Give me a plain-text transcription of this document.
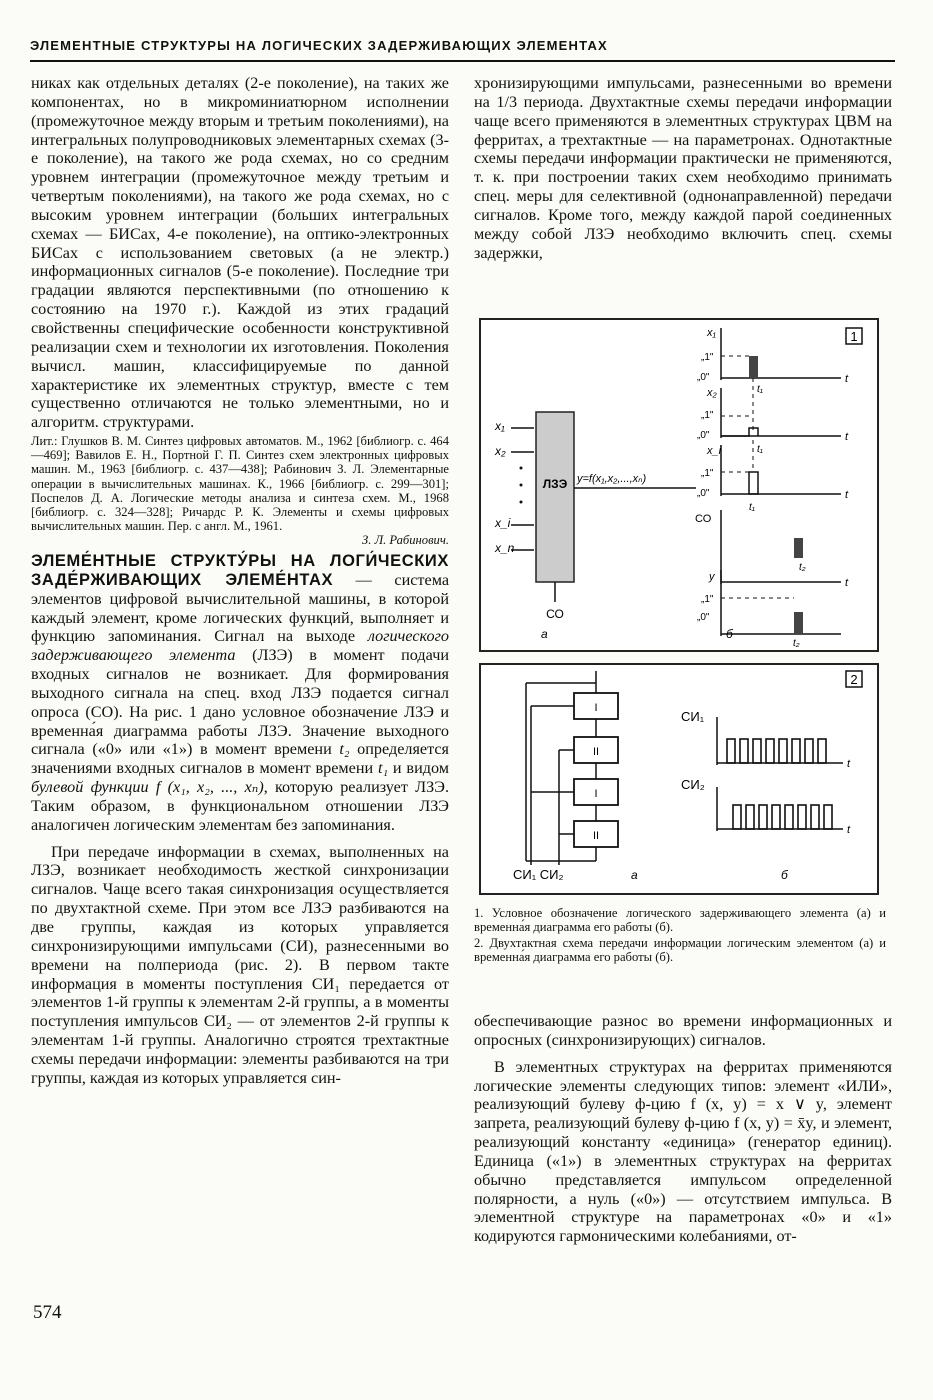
ЭЛЕМЕНТНЫЕ СТРУКТУРЫ НА ЛОГИЧЕСКИХ ЗАДЕРЖИВАЮЩИХ ЭЛЕМЕНТАХ

никах как отдельных деталях (2-е поколение), на таких же компонентах, но в микроминиатюрном исполнении (промежуточное между вторым и третьим поколениями), на интегральных полупроводниковых элементарных схемах (3-е поколение), на такого же рода схемах, но со средним уровнем интеграции (промежуточное между третьим и четвертым поколениями), на такого же рода схемах, но с высоким уровнем интеграции (больших интегральных схемах — БИСах, 4-е поколение), на оптико-электронных БИСах с использованием световых (а не электр.) информационных сигналов (5-е поколение). Последние три градации являются перспективными (по отношению к состоянию на 1970 г.). Каждой из этих градаций свойственны специфические особенности конструктивной реализации схем и технологии их изготовления. Поколения вычисл. машин, классифицируемые по данной характеристике их элементных структур, вместе с тем существенно отличаются не только элементными, но и алгоритм. структурами.

Лит.: Глушков В. М. Синтез цифровых автоматов. М., 1962 [библиогр. с. 464—469]; Вавилов Е. Н., Портной Г. П. Синтез схем электронных цифровых машин. М., 1963 [библиогр. с. 437—438]; Рабинович З. Л. Элементарные операции в вычислительных машинах. К., 1966 [библиогр. с. 299—301]; Поспелов Д. А. Логические методы анализа и синтеза схем. М., 1968 [библиогр. с. 324—328]; Ричардс Р. К. Элементы и схемы цифровых вычислительных машин. Пер. с англ. М., 1961.
З. Л. Рабинович.

ЭЛЕМЕ́НТНЫЕ СТРУКТУ́РЫ НА ЛОГИ́ЧЕСКИХ ЗАДЕ́РЖИВАЮЩИХ ЭЛЕМЕ́НТАХ — система элементов цифровой вычислительной машины, в которой каждый элемент, кроме логических функций, выполняет и функцию запоминания. Сигнал на выходе логического задерживающего элемента (ЛЗЭ) в момент подачи входных сигналов не возникает. Для формирования выходного сигнала на спец. вход ЛЗЭ подается сигнал опроса (СО). На рис. 1 дано условное обозначение ЛЗЭ и временна́я диаграмма работы ЛЗЭ. Значение выходного сигнала («0» или «1») в момент времени t₂ определяется значениями входных сигналов в момент времени t₁ и видом булевой функции f (x₁, x₂, ..., xₙ), которую реализует ЛЗЭ. Таким образом, в функциональном отношении ЛЗЭ аналогичен логическим элементам без запоминания.

При передаче информации в схемах, выполненных на ЛЗЭ, возникает необходимость жесткой синхронизации сигналов. Чаще всего такая синхронизация осуществляется по двухтактной схеме. При этом все ЛЗЭ разбиваются на две группы, каждая из которых управляется синхронизирующими импульсами (СИ), разнесенными во времени на полпериода (рис. 2). В первом такте информация в моменты поступления СИ₁ передается от элементов 1-й группы к элементам 2-й группы, а в моменты поступления импульсов СИ₂ — от элементов 2-й группы к элементам 1-й группы. Аналогично строятся трехтактные схемы передачи информации: элементы разбиваются на три группы, каждая из которых управляется син-

хронизирующими импульсами, разнесенными во времени на 1/3 периода. Двухтактные схемы передачи информации чаще всего применяются в элементных структурах ЦВМ на ферритах, а трехтактные — на параметронах. Однотактные схемы передачи информации практически не применяются, т. к. при построении таких схем необходимо принимать спец. меры для селективной (однонаправленной) передачи сигналов. Кроме того, между каждой парой соединенных между собой ЛЗЭ необходимо включить спец. схемы задержки,

1
ЛЗЭ
x₁
x₂
x_i
x_n
y=f(x₁,x₂,...,xₙ)
СО
а
x₁
x₂
x_i
СО
y
„1"
„0"
„1"
„0"
„1"
„0"
„1"
„0"
t₁
t₁
t₁
t₂
t₂
t
t
t
t
б
2
I
II
I
II
СИ₁ СИ₂	а
СИ₁
СИ₂
t
t
б

1. Условное обозначение логического задерживающего элемента (а) и временна́я диаграмма его работы (б).

2. Двухтактная схема передачи информации логическим элементом (а) и временна́я диаграмма его работы (б).

обеспечивающие разнос во времени информационных и опросных (синхронизирующих) сигналов.

В элементных структурах на ферритах применяются логические элементы следующих типов: элемент «ИЛИ», реализующий булеву ф-цию f (x, y) = x ∨ y, элемент запрета, реализующий булеву ф-цию f (x, y) = x̄y, и элемент, реализующий константу «единица» (генератор единиц). Единица («1») в элементных структурах на ферритах обычно представляется импульсом определенной полярности, а нуль («0») — отсутствием импульса. В элементной структуре на параметронах «0» и «1» кодируются гармоническими колебаниями, от-

574
